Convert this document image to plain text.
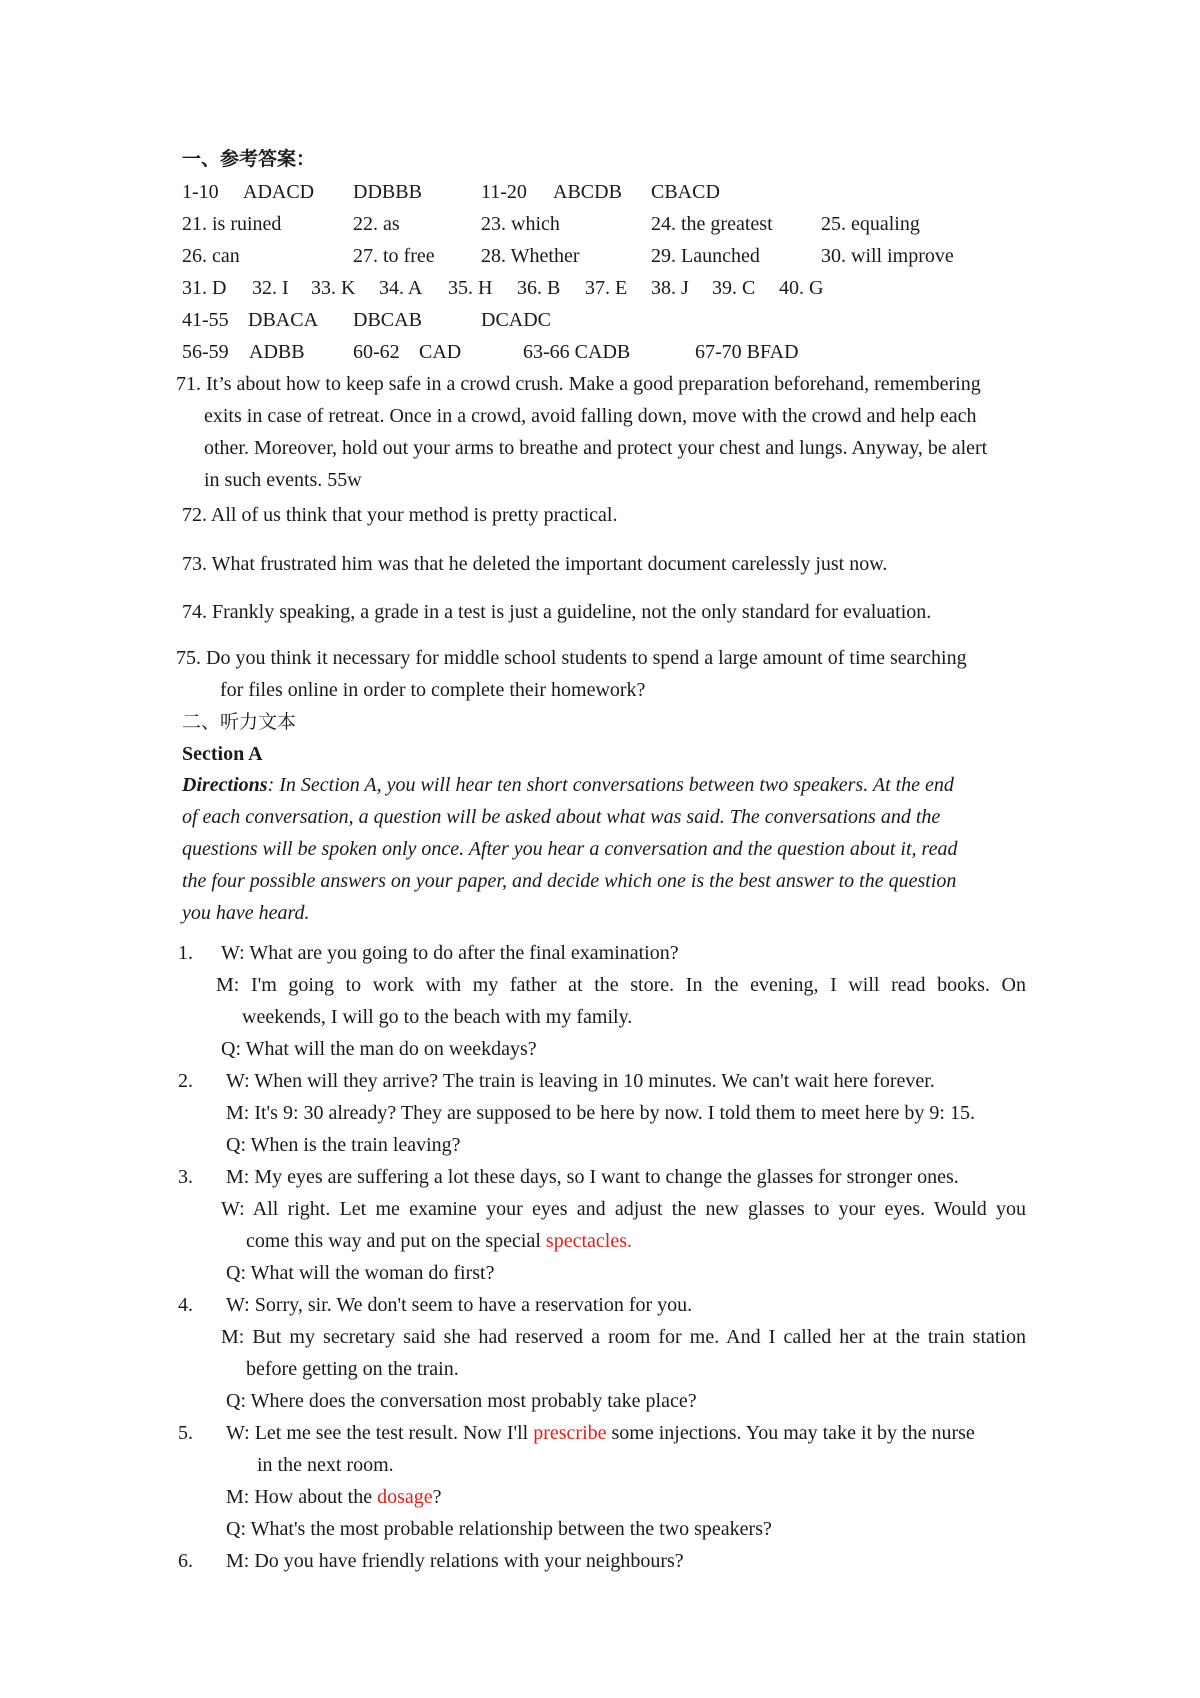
一、参考答案：
1-10 ADACD DDBBB	11-20 ABCDB CBACD
21. is ruined	22. as	23. which	24. the greatest 25. equaling
26. can	27. to free 28. Whether	29. Launched	30. will improve
31. D 32. I 33. K 34. A 35. H 36. B 37. E 38. J 39. C 40. G
41-55 DBACA DBCAB	DCADC
56-59 ADBB 60-62 CAD	63-66 CADB	67-70 BFAD
71. It’s about how to keep safe in a crowd crush. Make a good preparation beforehand, remembering
exits in case of retreat. Once in a crowd, avoid falling down, move with the crowd and help each
other. Moreover, hold out your arms to breathe and protect your chest and lungs. Anyway, be alert
in such events. 55w
72. All of us think that your method is pretty practical.
73. What frustrated him was that he deleted the important document carelessly just now.
74. Frankly speaking, a grade in a test is just a guideline, not the only standard for evaluation.
75. Do you think it necessary for middle school students to spend a large amount of time searching
for files online in order to complete their homework?
二、听力文本
Section A
Directions: In Section A, you will hear ten short conversations between two speakers. At the end
of each conversation, a question will be asked about what was said. The conversations and the
questions will be spoken only once. After you hear a conversation and the question about it, read
the four possible answers on your paper, and decide which one is the best answer to the question
you have heard.
1. W: What are you going to do after the final examination?
M: I'm going to work with my father at the store. In the evening, I will read books. On
weekends, I will go to the beach with my family.
Q: What will the man do on weekdays?
2. W: When will they arrive? The train is leaving in 10 minutes. We can't wait here forever.
M: It's 9: 30 already? They are supposed to be here by now. I told them to meet here by 9: 15.
Q: When is the train leaving?
3. M: My eyes are suffering a lot these days, so I want to change the glasses for stronger ones.
W: All right. Let me examine your eyes and adjust the new glasses to your eyes. Would you
come this way and put on the special spectacles.
Q: What will the woman do first?
4. W: Sorry, sir. We don't seem to have a reservation for you.
M: But my secretary said she had reserved a room for me. And I called her at the train station
before getting on the train.
Q: Where does the conversation most probably take place?
5. W: Let me see the test result. Now I'll prescribe some injections. You may take it by the nurse
in the next room.
M: How about the dosage?
Q: What's the most probable relationship between the two speakers?
6. M: Do you have friendly relations with your neighbours?
